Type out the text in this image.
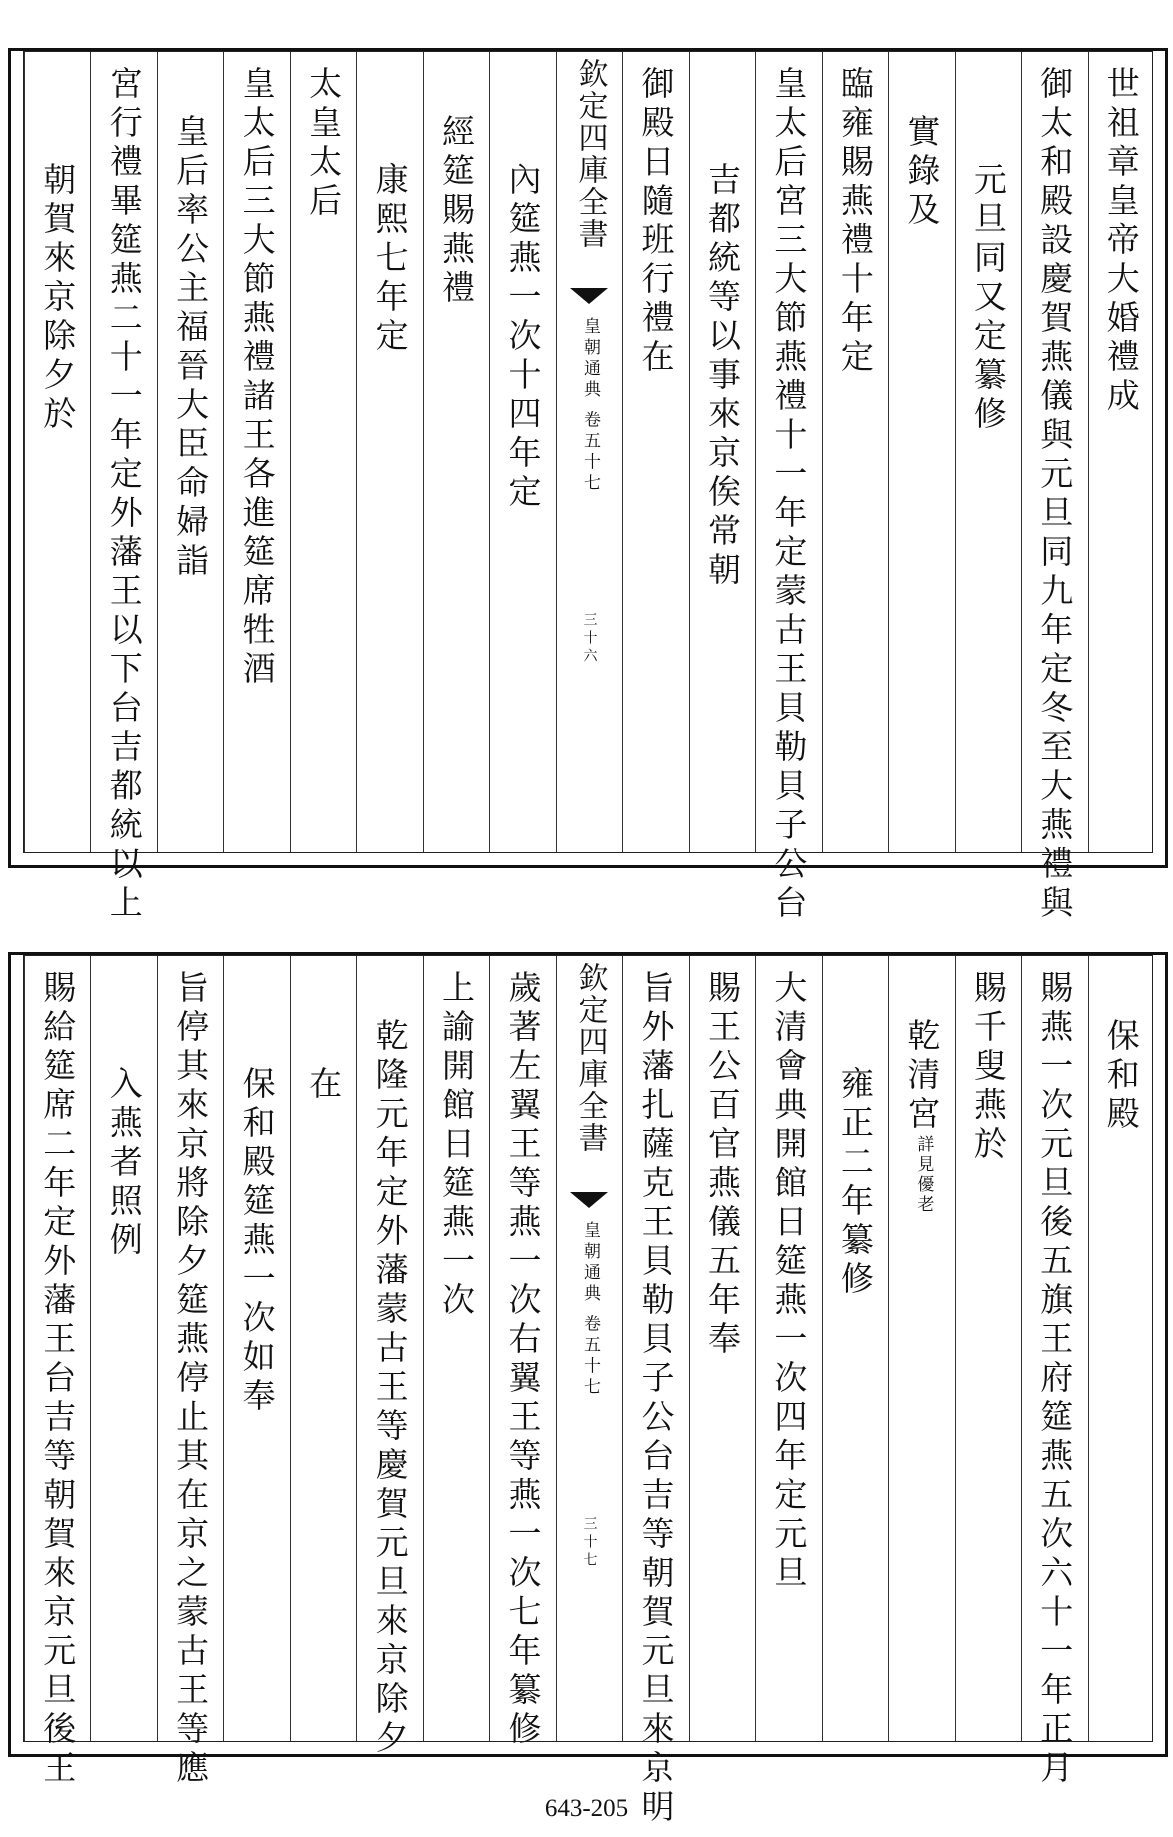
世祖章皇帝大婚禮成
御太和殿設慶賀燕儀與元旦同九年定冬至大燕禮與
元旦同又定纂修
實錄及
臨雍賜燕禮十年定
皇太后宮三大節燕禮十一年定蒙古王貝勒貝子公台
吉都統等以事來京俟常朝
御殿日隨班行禮在
欽定四庫全書
皇朝通典 卷五十七
三十六
內筵燕一次十四年定
經筵賜燕禮
康熙七年定
太皇太后
皇太后三大節燕禮諸王各進筵席牲酒
皇后率公主福晉大臣命婦詣
宮行禮畢筵燕二十一年定外藩王以下台吉都統以上
朝賀來京除夕於
保和殿
賜燕一次元旦後五旗王府筵燕五次六十一年正月
賜千叟燕於
乾清宮
詳見優老
雍正二年纂修
大清會典開館日筵燕一次四年定元旦
賜王公百官燕儀五年奉
旨外藩扎薩克王貝勒貝子公台吉等朝賀元旦來京明
欽定四庫全書
皇朝通典 卷五十七
三十七
歲著左翼王等燕一次右翼王等燕一次七年纂修
上諭開館日筵燕一次
乾隆元年定外藩蒙古王等慶賀元旦來京除夕
在
保和殿筵燕一次如奉
旨停其來京將除夕筵燕停止其在京之蒙古王等應
入燕者照例
賜給筵席二年定外藩王台吉等朝賀來京元旦後王
643-205
